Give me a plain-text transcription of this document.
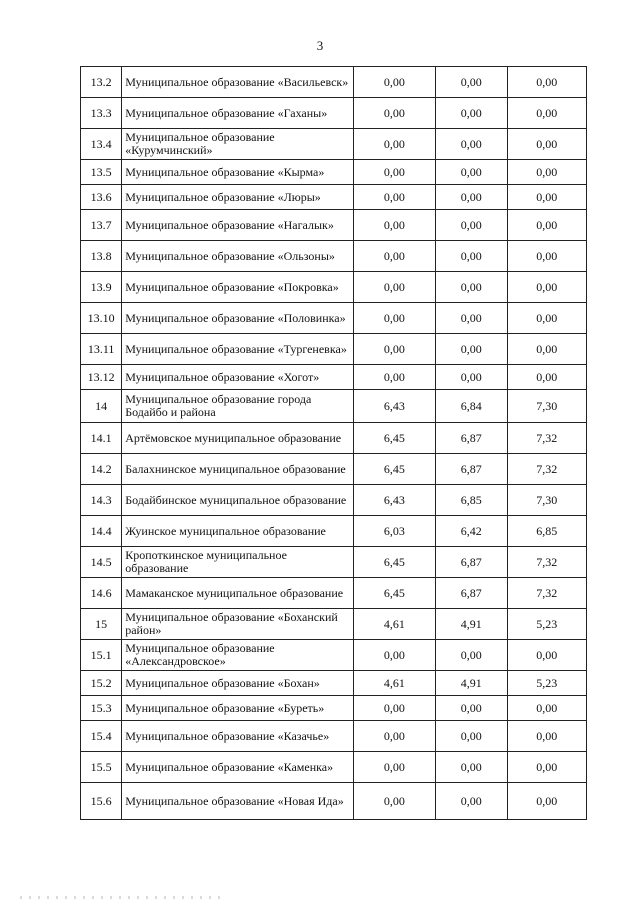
3
13.2	Муниципальное образование «Васильевск»	0,00	0,00	0,00
13.3	Муниципальное образование «Гаханы»	0,00	0,00	0,00
13.4	Муниципальное образование «Курумчинский»	0,00	0,00	0,00
13.5	Муниципальное образование «Кырма»	0,00	0,00	0,00
13.6	Муниципальное образование «Люры»	0,00	0,00	0,00
13.7	Муниципальное образование «Нагалык»	0,00	0,00	0,00
13.8	Муниципальное образование «Ользоны»	0,00	0,00	0,00
13.9	Муниципальное образование «Покровка»	0,00	0,00	0,00
13.10	Муниципальное образование «Половинка»	0,00	0,00	0,00
13.11	Муниципальное образование «Тургеневка»	0,00	0,00	0,00
13.12	Муниципальное образование «Хогот»	0,00	0,00	0,00
14	Муниципальное образование города Бодайбо и района	6,43	6,84	7,30
14.1	Артёмовское муниципальное образование	6,45	6,87	7,32
14.2	Балахнинское муниципальное образование	6,45	6,87	7,32
14.3	Бодайбинское муниципальное образование	6,43	6,85	7,30
14.4	Жуинское муниципальное образование	6,03	6,42	6,85
14.5	Кропоткинское муниципальное образование	6,45	6,87	7,32
14.6	Мамаканское муниципальное образование	6,45	6,87	7,32
15	Муниципальное образование «Боханский район»	4,61	4,91	5,23
15.1	Муниципальное образование «Александровское»	0,00	0,00	0,00
15.2	Муниципальное образование «Бохан»	4,61	4,91	5,23
15.3	Муниципальное образование «Буреть»	0,00	0,00	0,00
15.4	Муниципальное образование «Казачье»	0,00	0,00	0,00
15.5	Муниципальное образование «Каменка»	0,00	0,00	0,00
15.6	Муниципальное образование «Новая Ида»	0,00	0,00	0,00
